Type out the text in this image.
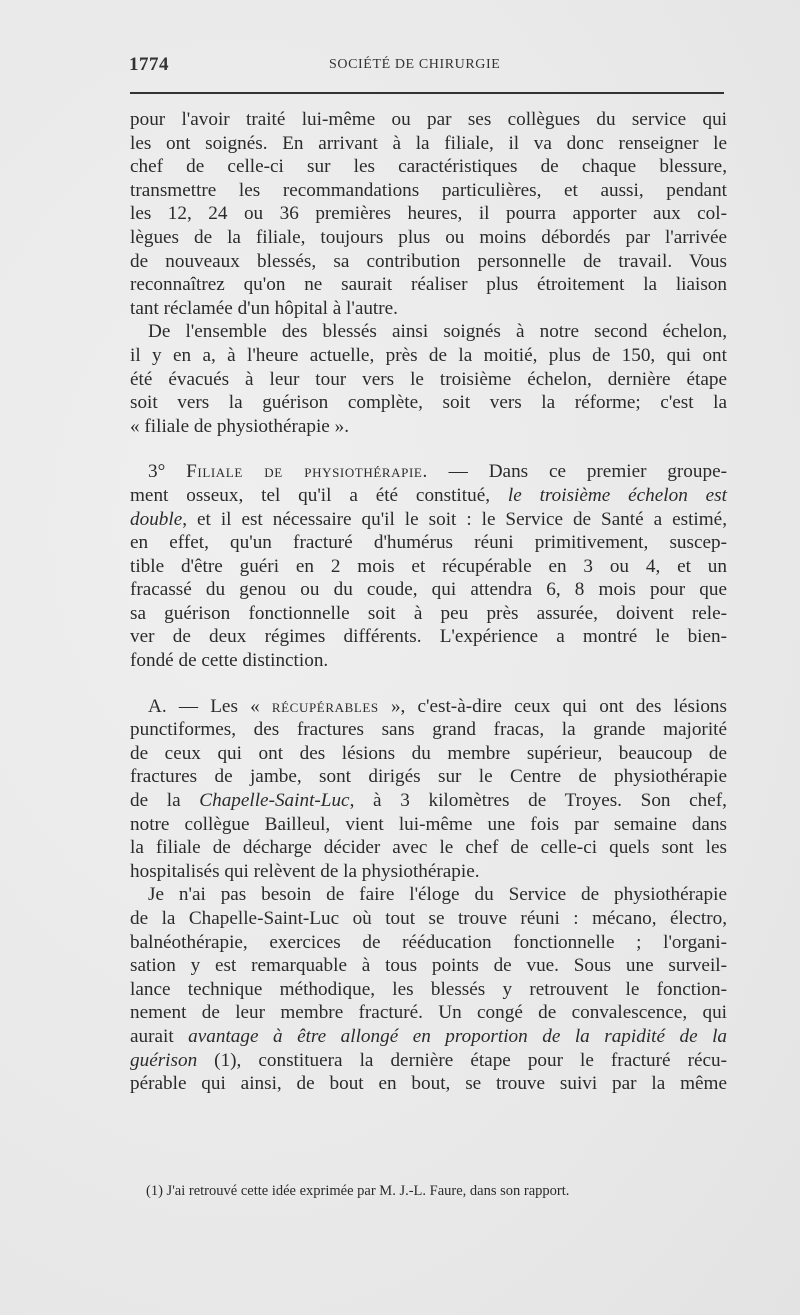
1774	SOCIÉTÉ DE CHIRURGIE
pour l'avoir traité lui-même ou par ses collègues du service qui
les ont soignés. En arrivant à la filiale, il va donc renseigner le
chef de celle-ci sur les caractéristiques de chaque blessure,
transmettre les recommandations particulières, et aussi, pendant
les 12, 24 ou 36 premières heures, il pourra apporter aux col-
lègues de la filiale, toujours plus ou moins débordés par l'arrivée
de nouveaux blessés, sa contribution personnelle de travail. Vous
reconnaîtrez qu'on ne saurait réaliser plus étroitement la liaison
tant réclamée d'un hôpital à l'autre.
De l'ensemble des blessés ainsi soignés à notre second échelon,
il y en a, à l'heure actuelle, près de la moitié, plus de 150, qui ont
été évacués à leur tour vers le troisième échelon, dernière étape
soit vers la guérison complète, soit vers la réforme; c'est la
« filiale de physiothérapie ».
3° Filiale de physiothérapie. — Dans ce premier groupe-
ment osseux, tel qu'il a été constitué, le troisième échelon est
double, et il est nécessaire qu'il le soit : le Service de Santé a estimé,
en effet, qu'un fracturé d'humérus réuni primitivement, suscep-
tible d'être guéri en 2 mois et récupérable en 3 ou 4, et un
fracassé du genou ou du coude, qui attendra 6, 8 mois pour que
sa guérison fonctionnelle soit à peu près assurée, doivent rele-
ver de deux régimes différents. L'expérience a montré le bien-
fondé de cette distinction.
A. — Les « récupérables », c'est-à-dire ceux qui ont des lésions
punctiformes, des fractures sans grand fracas, la grande majorité
de ceux qui ont des lésions du membre supérieur, beaucoup de
fractures de jambe, sont dirigés sur le Centre de physiothérapie
de la Chapelle-Saint-Luc, à 3 kilomètres de Troyes. Son chef,
notre collègue Bailleul, vient lui-même une fois par semaine dans
la filiale de décharge décider avec le chef de celle-ci quels sont les
hospitalisés qui relèvent de la physiothérapie.
Je n'ai pas besoin de faire l'éloge du Service de physiothérapie
de la Chapelle-Saint-Luc où tout se trouve réuni : mécano, électro,
balnéothérapie, exercices de rééducation fonctionnelle ; l'organi-
sation y est remarquable à tous points de vue. Sous une surveil-
lance technique méthodique, les blessés y retrouvent le fonction-
nement de leur membre fracturé. Un congé de convalescence, qui
aurait avantage à être allongé en proportion de la rapidité de la
guérison (1), constituera la dernière étape pour le fracturé récu-
pérable qui ainsi, de bout en bout, se trouve suivi par la même
(1) J'ai retrouvé cette idée exprimée par M. J.-L. Faure, dans son rapport.
